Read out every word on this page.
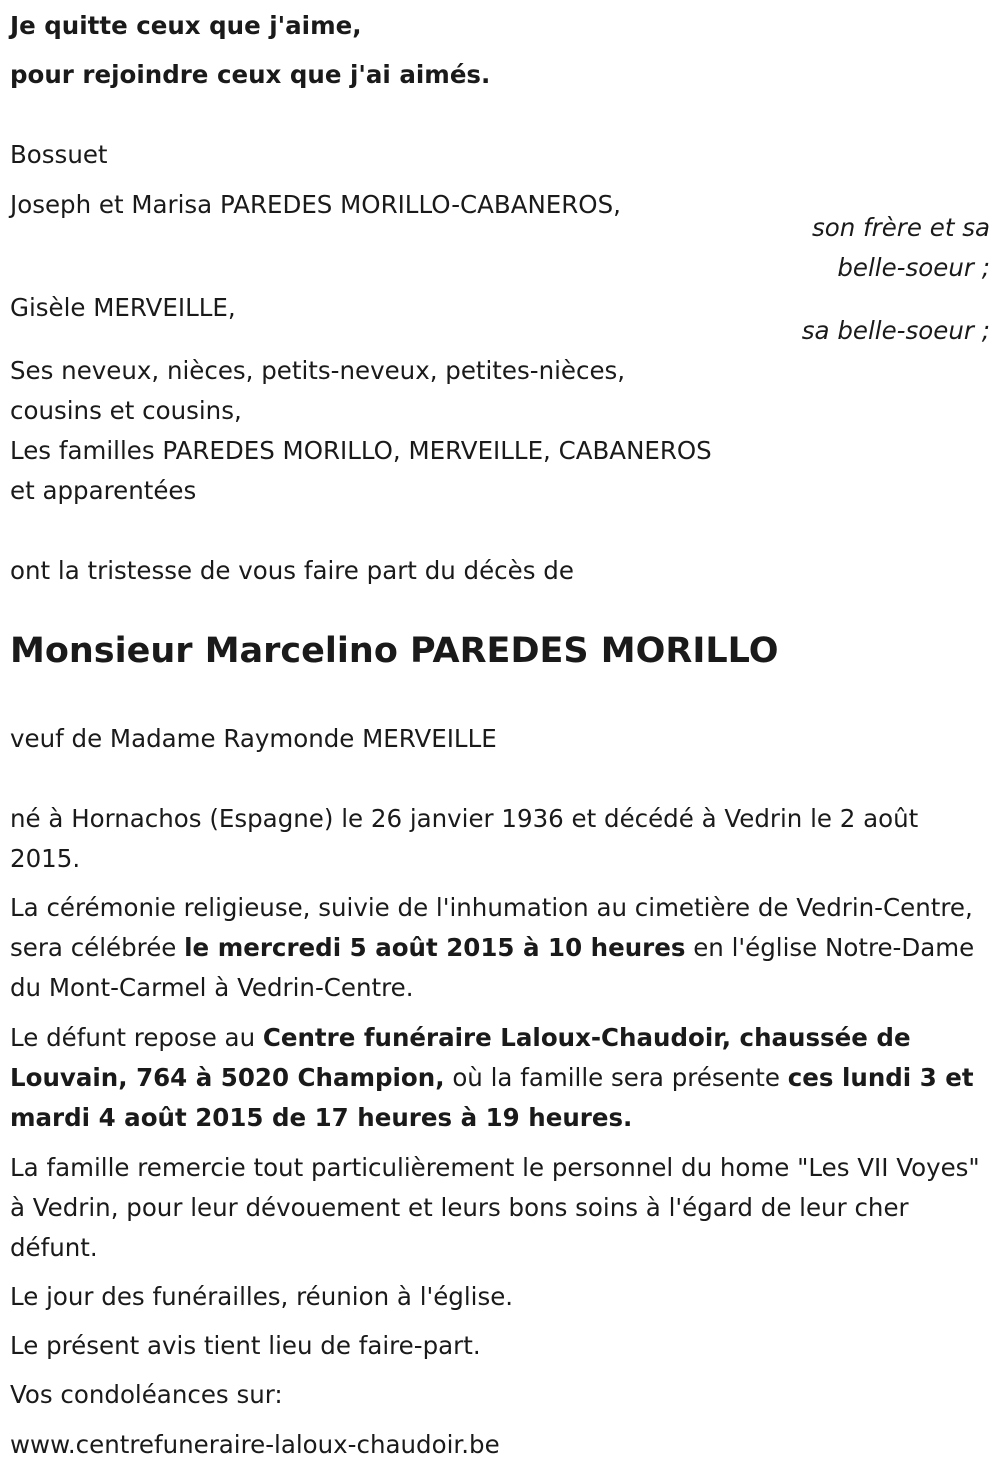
Je quitte ceux que j'aime,
pour rejoindre ceux que j'ai aimés.
Bossuet
Joseph et Marisa PAREDES MORILLO-CABANEROS,
son frère et sa
belle-soeur ;
Gisèle MERVEILLE,
sa belle-soeur ;
Ses neveux, nièces, petits-neveux, petites-nièces,
cousins et cousins,
Les familles PAREDES MORILLO, MERVEILLE, CABANEROS
et apparentées
ont la tristesse de vous faire part du décès de
Monsieur Marcelino PAREDES MORILLO
veuf de Madame Raymonde MERVEILLE
né à Hornachos (Espagne) le 26 janvier 1936 et décédé à Vedrin le 2 août 2015.
La cérémonie religieuse, suivie de l'inhumation au cimetière de Vedrin-Centre, sera célébrée le mercredi 5 août 2015 à 10 heures en l'église Notre-Dame du Mont-Carmel à Vedrin-Centre.
Le défunt repose au Centre funéraire Laloux-Chaudoir, chaussée de Louvain, 764 à 5020 Champion, où la famille sera présente ces lundi 3 et mardi 4 août 2015 de 17 heures à 19 heures.
La famille remercie tout particulièrement le personnel du home "Les VII Voyes" à Vedrin, pour leur dévouement et leurs bons soins à l'égard de leur cher défunt.
Le jour des funérailles, réunion à l'église.
Le présent avis tient lieu de faire-part.
Vos condoléances sur:
www.centrefuneraire-laloux-chaudoir.be
